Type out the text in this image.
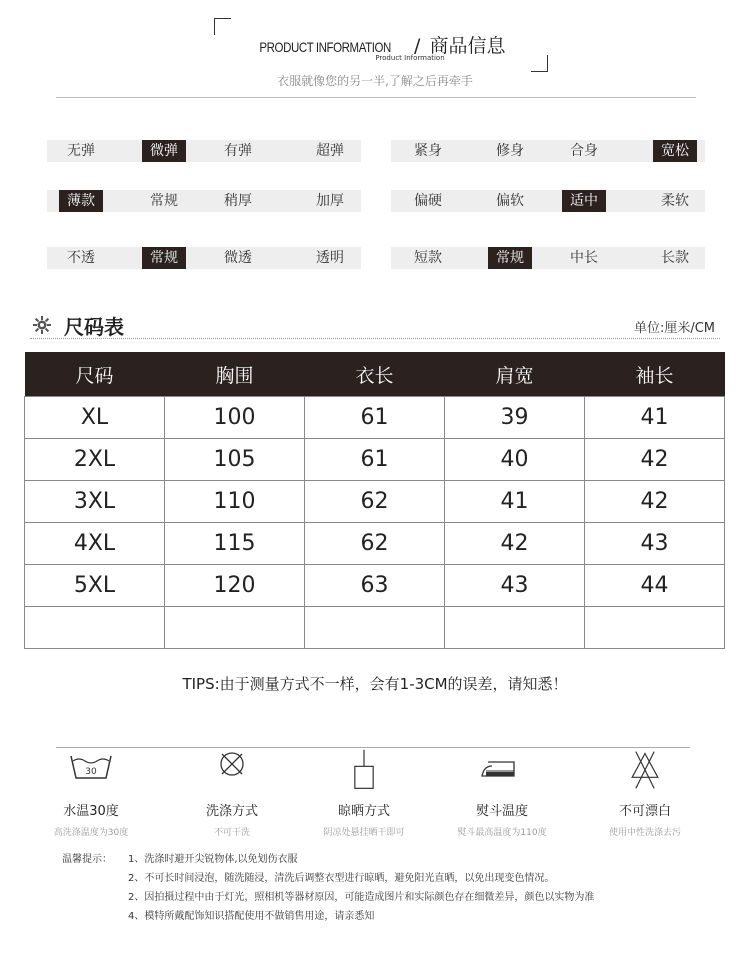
PRODUCT INFORMATION / 商品信息
Product Information
衣服就像您的另一半,了解之后再牵手
无弹	微弹	有弹	超弹	紧身	修身	合身	宽松
薄款	常规	稍厚	加厚	偏硬	偏软	适中	柔软
不透	常规	微透	透明	短款	常规	中长	长款
尺码表	单位:厘米/CM
尺码	胸围	衣长	肩宽	袖长
XL	100	61	39	41
2XL	105	61	40	42
3XL	110	62	41	42
4XL	115	62	42	43
5XL	120	63	43	44

TIPS:由于测量方式不一样，会有1-3CM的误差，请知悉！
30
水温30度
高洗涤温度为30度
洗涤方式
不可干洗
晾晒方式
阴凉处悬挂晒干即可
熨斗温度
熨斗最高温度为110度
不可漂白
使用中性洗涤去污
温馨提示：	1、洗涤时避开尖锐物体,以免划伤衣服
2、不可长时间浸泡，随洗随浸，清洗后调整衣型进行晾晒，避免阳光直晒，以免出现变色情况。
2、因拍摄过程中由于灯光，照相机等器材原因，可能造成图片和实际颜色存在细微差异，颜色以实物为准
4、模特所戴配饰知识搭配使用不做销售用途，请亲悉知
